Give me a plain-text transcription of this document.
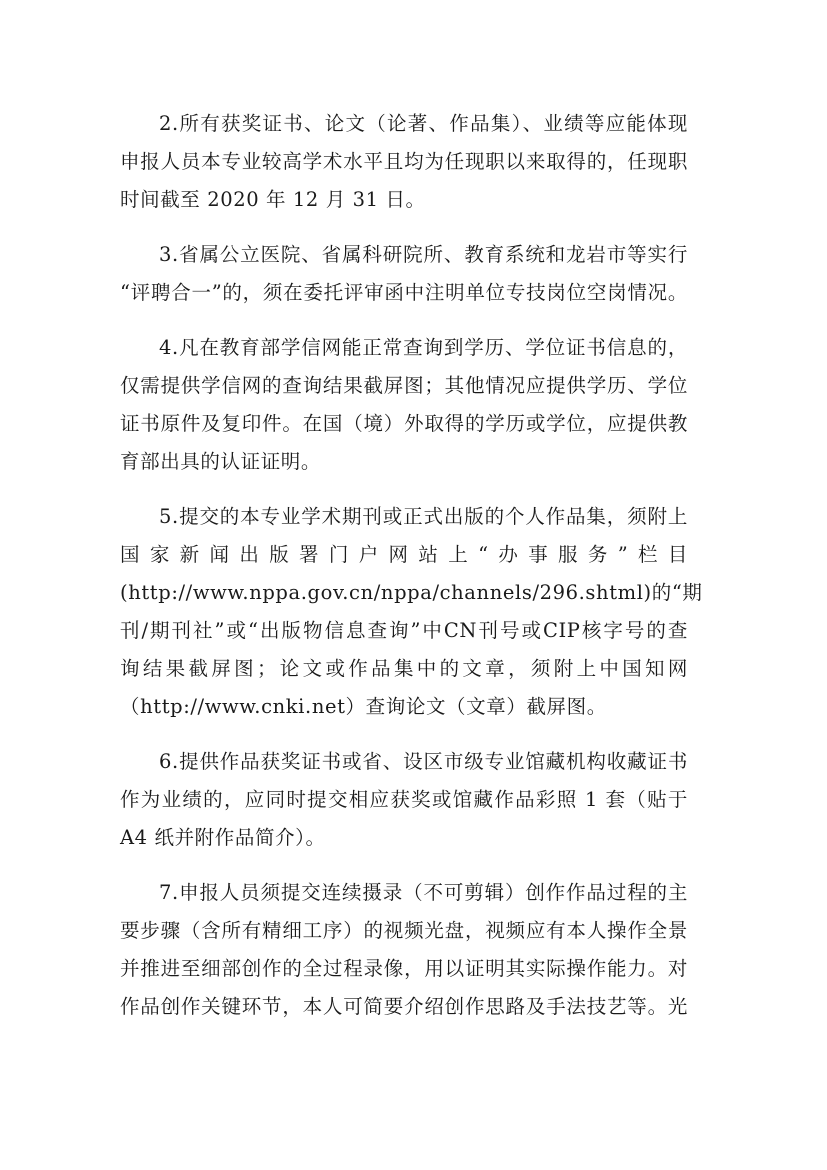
2.所有获奖证书、论文（论著、作品集）、业绩等应能体现
申报人员本专业较高学术水平且均为任现职以来取得的，任现职
时间截至 2020 年 12 月 31 日。

3.省属公立医院、省属科研院所、教育系统和龙岩市等实行
“评聘合一”的，须在委托评审函中注明单位专技岗位空岗情况。

4.凡在教育部学信网能正常查询到学历、学位证书信息的，
仅需提供学信网的查询结果截屏图；其他情况应提供学历、学位
证书原件及复印件。在国（境）外取得的学历或学位，应提供教
育部出具的认证证明。

5.提交的本专业学术期刊或正式出版的个人作品集，须附上
国家新闻出版署门户网站上“办事服务”栏目
(http://www.nppa.gov.cn/nppa/channels/296.shtml)的“期
刊/期刊社”或“出版物信息查询”中CN刊号或CIP核字号的查
询结果截屏图；论文或作品集中的文章，须附上中国知网
（http://www.cnki.net）查询论文（文章）截屏图。

6.提供作品获奖证书或省、设区市级专业馆藏机构收藏证书
作为业绩的，应同时提交相应获奖或馆藏作品彩照 1 套（贴于
A4 纸并附作品简介）。

7.申报人员须提交连续摄录（不可剪辑）创作作品过程的主
要步骤（含所有精细工序）的视频光盘，视频应有本人操作全景
并推进至细部创作的全过程录像，用以证明其实际操作能力。对
作品创作关键环节，本人可简要介绍创作思路及手法技艺等。光
